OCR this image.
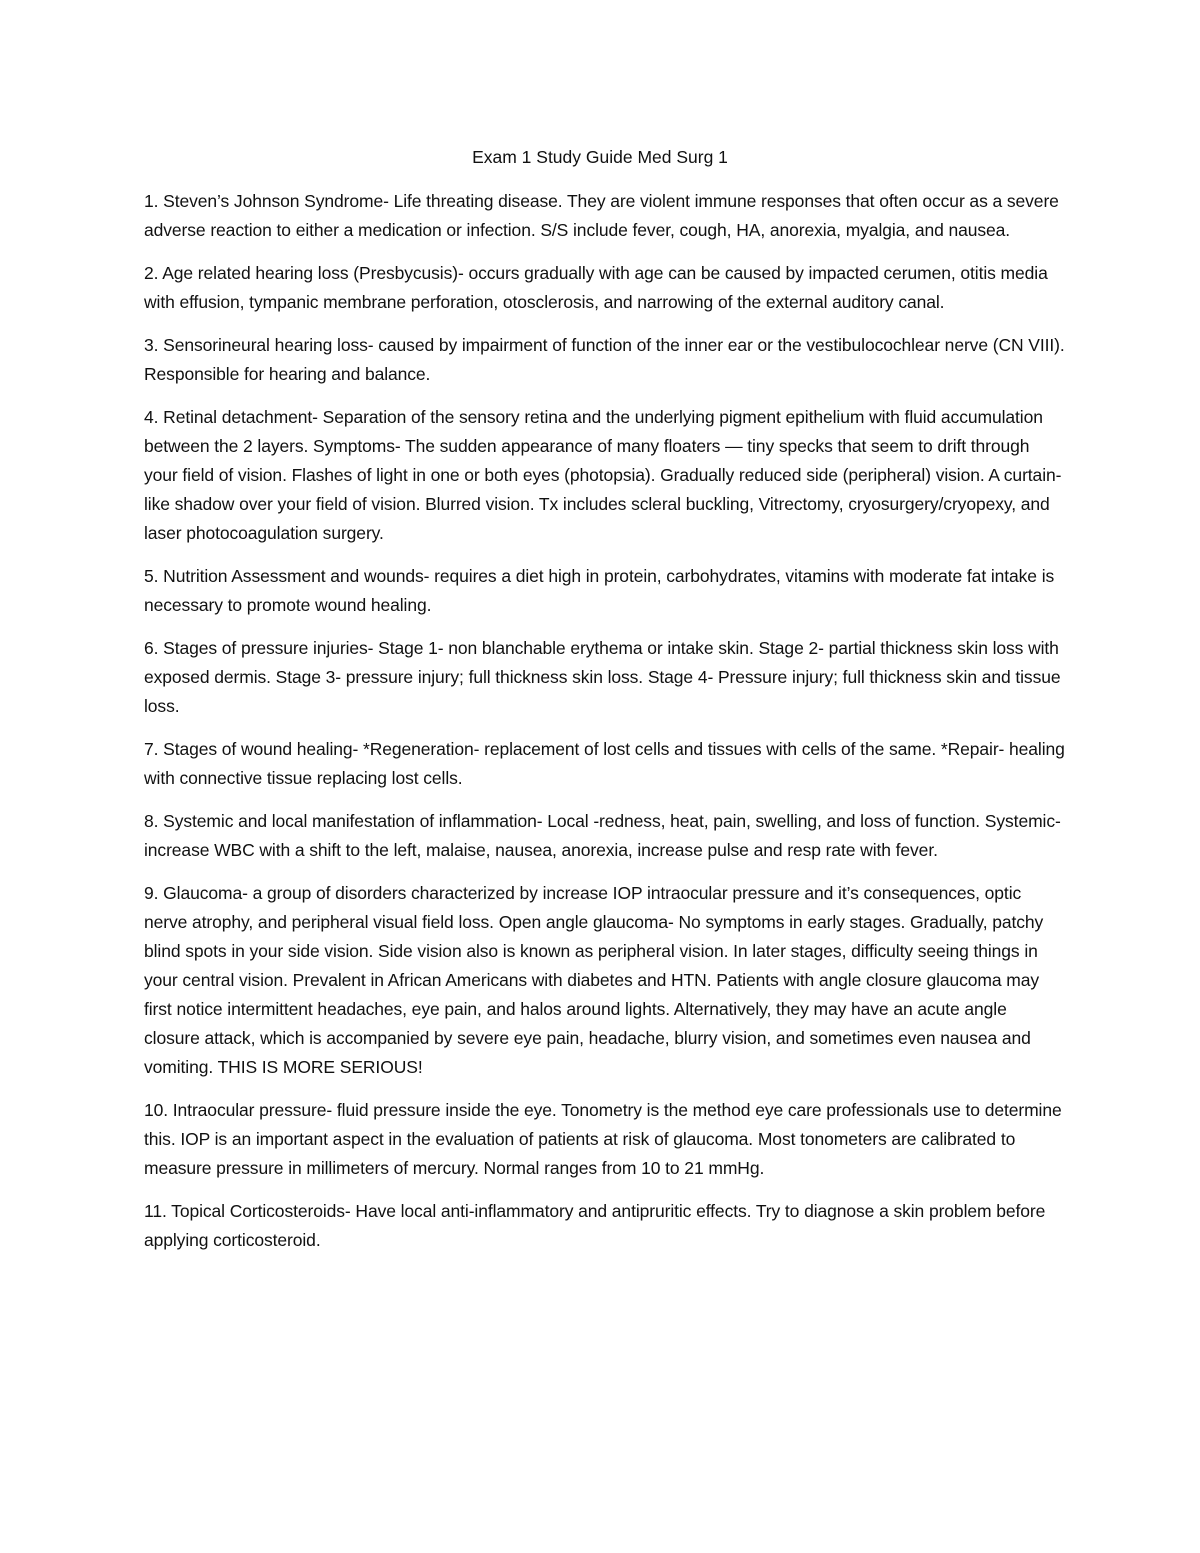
Exam 1 Study Guide Med Surg 1

1. Steven’s Johnson Syndrome- Life threating disease. They are violent immune responses that often occur as a severe adverse reaction to either a medication or infection. S/S include fever, cough, HA, anorexia, myalgia, and nausea.

2. Age related hearing loss (Presbycusis)- occurs gradually with age can be caused by impacted cerumen, otitis media with effusion, tympanic membrane perforation, otosclerosis, and narrowing of the external auditory canal.

3. Sensorineural hearing loss- caused by impairment of function of the inner ear or the vestibulocochlear nerve (CN VIII). Responsible for hearing and balance.

4. Retinal detachment- Separation of the sensory retina and the underlying pigment epithelium with fluid accumulation between the 2 layers. Symptoms- The sudden appearance of many floaters — tiny specks that seem to drift through your field of vision. Flashes of light in one or both eyes (photopsia). Gradually reduced side (peripheral) vision. A curtain-like shadow over your field of vision. Blurred vision. Tx includes scleral buckling, Vitrectomy, cryosurgery/cryopexy, and laser photocoagulation surgery.

5. Nutrition Assessment and wounds- requires a diet high in protein, carbohydrates, vitamins with moderate fat intake is necessary to promote wound healing.

6. Stages of pressure injuries- Stage 1- non blanchable erythema or intake skin. Stage 2- partial thickness skin loss with exposed dermis. Stage 3- pressure injury; full thickness skin loss. Stage 4- Pressure injury; full thickness skin and tissue loss.

7. Stages of wound healing- *Regeneration- replacement of lost cells and tissues with cells of the same. *Repair- healing with connective tissue replacing lost cells.

8. Systemic and local manifestation of inflammation- Local -redness, heat, pain, swelling, and loss of function. Systemic- increase WBC with a shift to the left, malaise, nausea, anorexia, increase pulse and resp rate with fever.

9. Glaucoma- a group of disorders characterized by increase IOP intraocular pressure and it’s consequences, optic nerve atrophy, and peripheral visual field loss. Open angle glaucoma- No symptoms in early stages. Gradually, patchy blind spots in your side vision. Side vision also is known as peripheral vision. In later stages, difficulty seeing things in your central vision. Prevalent in African Americans with diabetes and HTN. Patients with angle closure glaucoma may first notice intermittent headaches, eye pain, and halos around lights. Alternatively, they may have an acute angle closure attack, which is accompanied by severe eye pain, headache, blurry vision, and sometimes even nausea and vomiting. THIS IS MORE SERIOUS!

10. Intraocular pressure- fluid pressure inside the eye. Tonometry is the method eye care professionals use to determine this. IOP is an important aspect in the evaluation of patients at risk of glaucoma. Most tonometers are calibrated to measure pressure in millimeters of mercury. Normal ranges from 10 to 21 mmHg.

11. Topical Corticosteroids- Have local anti-inflammatory and antipruritic effects. Try to diagnose a skin problem before applying corticosteroid.
